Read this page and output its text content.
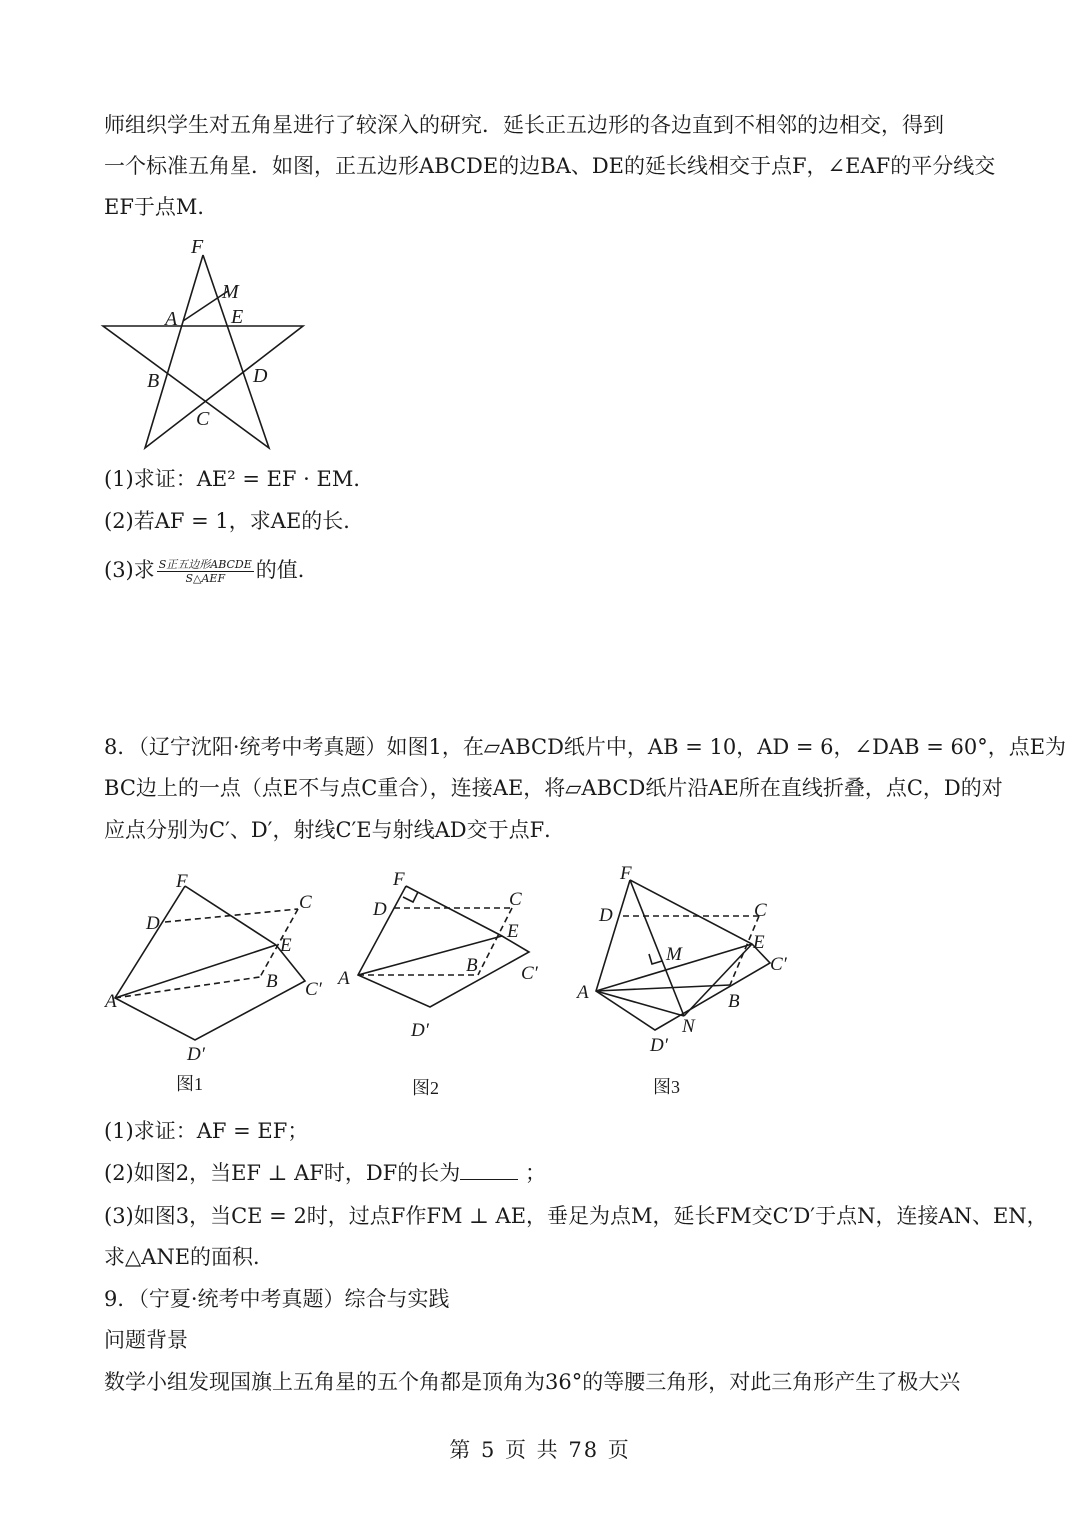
师组织学生对五角星进行了较深入的研究．延长正五边形的各边直到不相邻的边相交，得到
一个标准五角星．如图，正五边形ABCDE的边BA、DE的延长线相交于点F，∠EAF的平分线交
EF于点M．
F
M
A	E
B	D
C
(1)求证：AE² = EF · EM．
(2)若AF = 1，求AE的长．
(3)求 $\frac{\text{S正五边形ABCDE}}{\text{S△AEF}}$ 的值．
8．（辽宁沈阳·统考中考真题）如图1，在▱ABCD纸片中，AB = 10，AD = 6，∠DAB = 60°，点E为
BC边上的一点（点E不与点C重合），连接AE，将▱ABCD纸片沿AE所在直线折叠，点C，D的对
应点分别为C′、D′，射线C′E与射线AD交于点F．
F
D
C
E
B C′
A
D′
图1
F
D	C
E
B C′
A
D′
图2
F
D	C
E
M	C′
A	B
N
D′
图3
(1)求证：AF = EF；
(2)如图2，当EF ⊥ AF时，DF的长为	；
(3)如图3，当CE = 2时，过点F作FM ⊥ AE，垂足为点M，延长FM交C′D′于点N，连接AN、EN，
求△ANE的面积．
9．（宁夏·统考中考真题）综合与实践
问题背景
数学小组发现国旗上五角星的五个角都是顶角为36°的等腰三角形，对此三角形产生了极大兴
第 5 页 共 78 页
